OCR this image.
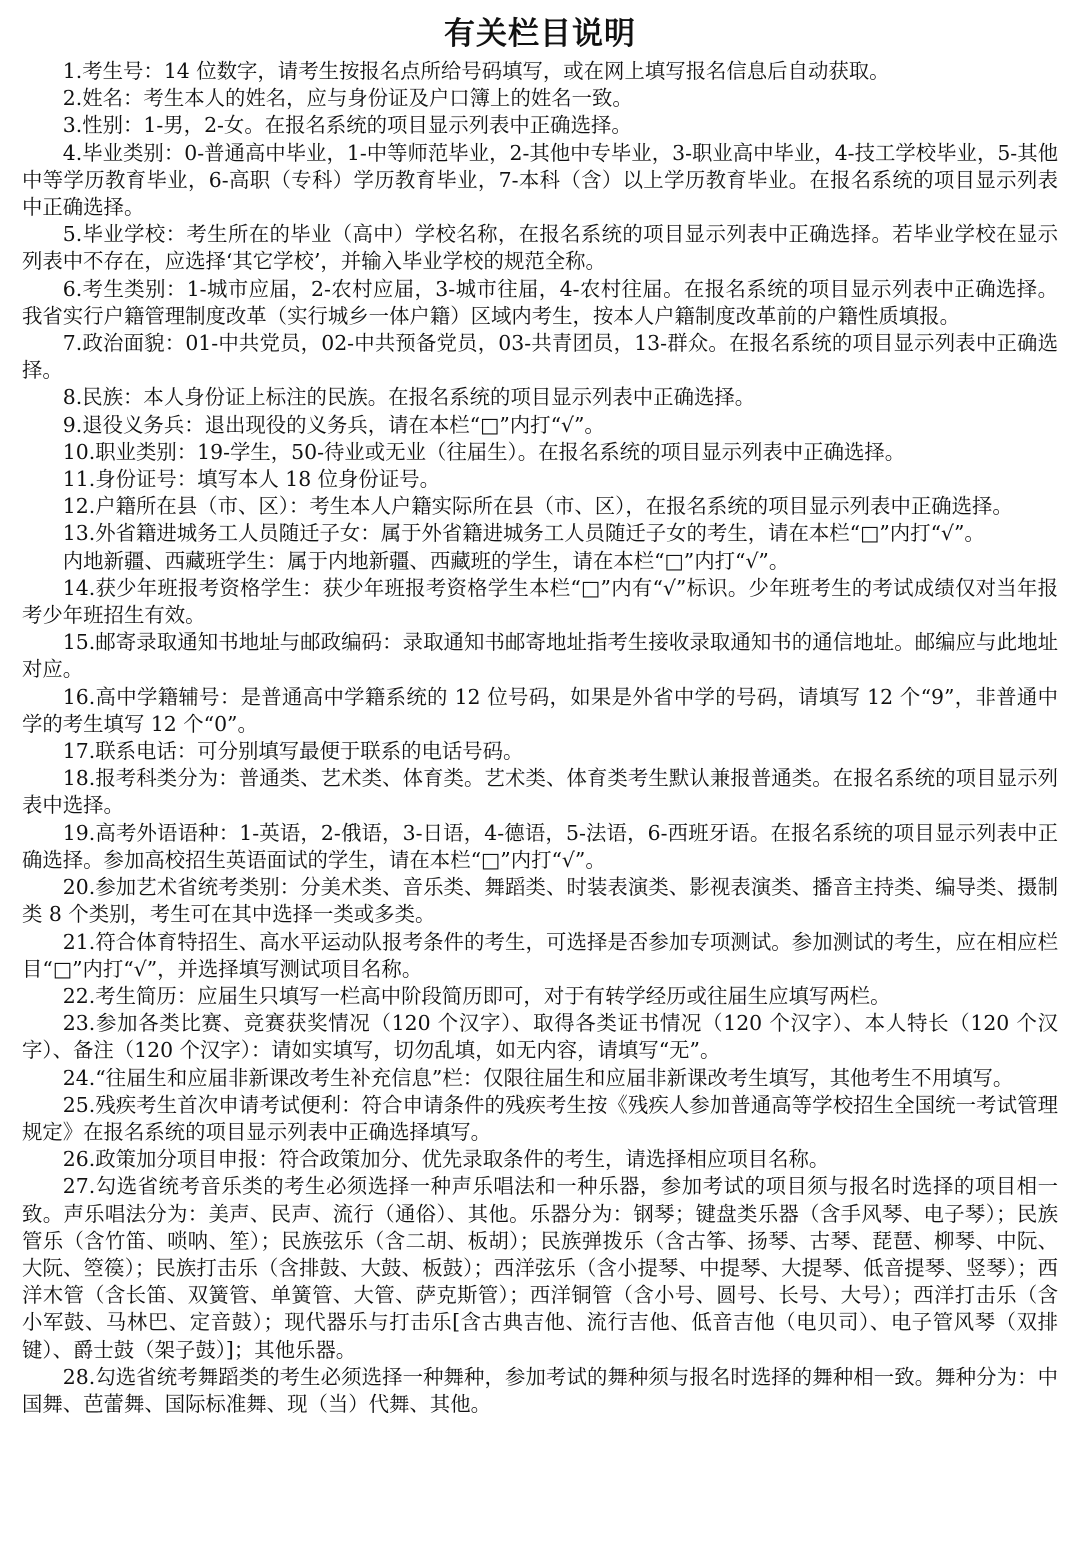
有关栏目说明

1.考生号：14 位数字，请考生按报名点所给号码填写，或在网上填写报名信息后自动获取。

2.姓名：考生本人的姓名，应与身份证及户口簿上的姓名一致。

3.性别：1-男，2-女。在报名系统的项目显示列表中正确选择。

4.毕业类别：0-普通高中毕业，1-中等师范毕业，2-其他中专毕业，3-职业高中毕业，4-技工学校毕业，5-其他中等学历教育毕业，6-高职（专科）学历教育毕业，7-本科（含）以上学历教育毕业。在报名系统的项目显示列表中正确选择。

5.毕业学校：考生所在的毕业（高中）学校名称，在报名系统的项目显示列表中正确选择。若毕业学校在显示列表中不存在，应选择‘其它学校’，并输入毕业学校的规范全称。

6.考生类别：1-城市应届，2-农村应届，3-城市往届，4-农村往届。在报名系统的项目显示列表中正确选择。我省实行户籍管理制度改革（实行城乡一体户籍）区域内考生，按本人户籍制度改革前的户籍性质填报。

7.政治面貌：01-中共党员，02-中共预备党员，03-共青团员，13-群众。在报名系统的项目显示列表中正确选择。

8.民族：本人身份证上标注的民族。在报名系统的项目显示列表中正确选择。

9.退役义务兵：退出现役的义务兵，请在本栏“□”内打“√”。

10.职业类别：19-学生，50-待业或无业（往届生）。在报名系统的项目显示列表中正确选择。

11.身份证号：填写本人 18 位身份证号。

12.户籍所在县（市、区）：考生本人户籍实际所在县（市、区），在报名系统的项目显示列表中正确选择。

13.外省籍进城务工人员随迁子女：属于外省籍进城务工人员随迁子女的考生，请在本栏“□”内打“√”。

内地新疆、西藏班学生：属于内地新疆、西藏班的学生，请在本栏“□”内打“√”。

14.获少年班报考资格学生：获少年班报考资格学生本栏“□”内有“√”标识。少年班考生的考试成绩仅对当年报考少年班招生有效。

15.邮寄录取通知书地址与邮政编码：录取通知书邮寄地址指考生接收录取通知书的通信地址。邮编应与此地址对应。

16.高中学籍辅号：是普通高中学籍系统的 12 位号码，如果是外省中学的号码，请填写 12 个“9”，非普通中学的考生填写 12 个“0”。

17.联系电话：可分别填写最便于联系的电话号码。

18.报考科类分为：普通类、艺术类、体育类。艺术类、体育类考生默认兼报普通类。在报名系统的项目显示列表中选择。

19.高考外语语种：1-英语，2-俄语，3-日语，4-德语，5-法语，6-西班牙语。在报名系统的项目显示列表中正确选择。参加高校招生英语面试的学生，请在本栏“□”内打“√”。

20.参加艺术省统考类别：分美术类、音乐类、舞蹈类、时装表演类、影视表演类、播音主持类、编导类、摄制类 8 个类别，考生可在其中选择一类或多类。

21.符合体育特招生、高水平运动队报考条件的考生，可选择是否参加专项测试。参加测试的考生，应在相应栏目“□”内打“√”，并选择填写测试项目名称。

22.考生简历：应届生只填写一栏高中阶段简历即可，对于有转学经历或往届生应填写两栏。

23.参加各类比赛、竞赛获奖情况（120 个汉字）、取得各类证书情况（120 个汉字）、本人特长（120 个汉字）、备注（120 个汉字）：请如实填写，切勿乱填，如无内容，请填写“无”。

24.“往届生和应届非新课改考生补充信息”栏：仅限往届生和应届非新课改考生填写，其他考生不用填写。

25.残疾考生首次申请考试便利：符合申请条件的残疾考生按《残疾人参加普通高等学校招生全国统一考试管理规定》在报名系统的项目显示列表中正确选择填写。

26.政策加分项目申报：符合政策加分、优先录取条件的考生，请选择相应项目名称。

27.勾选省统考音乐类的考生必须选择一种声乐唱法和一种乐器，参加考试的项目须与报名时选择的项目相一致。声乐唱法分为：美声、民声、流行（通俗）、其他。乐器分为：钢琴；键盘类乐器（含手风琴、电子琴）；民族管乐（含竹笛、唢呐、笙）；民族弦乐（含二胡、板胡）；民族弹拨乐（含古筝、扬琴、古琴、琵琶、柳琴、中阮、大阮、箜篌）；民族打击乐（含排鼓、大鼓、板鼓）；西洋弦乐（含小提琴、中提琴、大提琴、低音提琴、竖琴）；西洋木管（含长笛、双簧管、单簧管、大管、萨克斯管）；西洋铜管（含小号、圆号、长号、大号）；西洋打击乐（含小军鼓、马林巴、定音鼓）；现代器乐与打击乐[含古典吉他、流行吉他、低音吉他（电贝司）、电子管风琴（双排键）、爵士鼓（架子鼓）]；其他乐器。

28.勾选省统考舞蹈类的考生必须选择一种舞种，参加考试的舞种须与报名时选择的舞种相一致。舞种分为：中国舞、芭蕾舞、国际标准舞、现（当）代舞、其他。
